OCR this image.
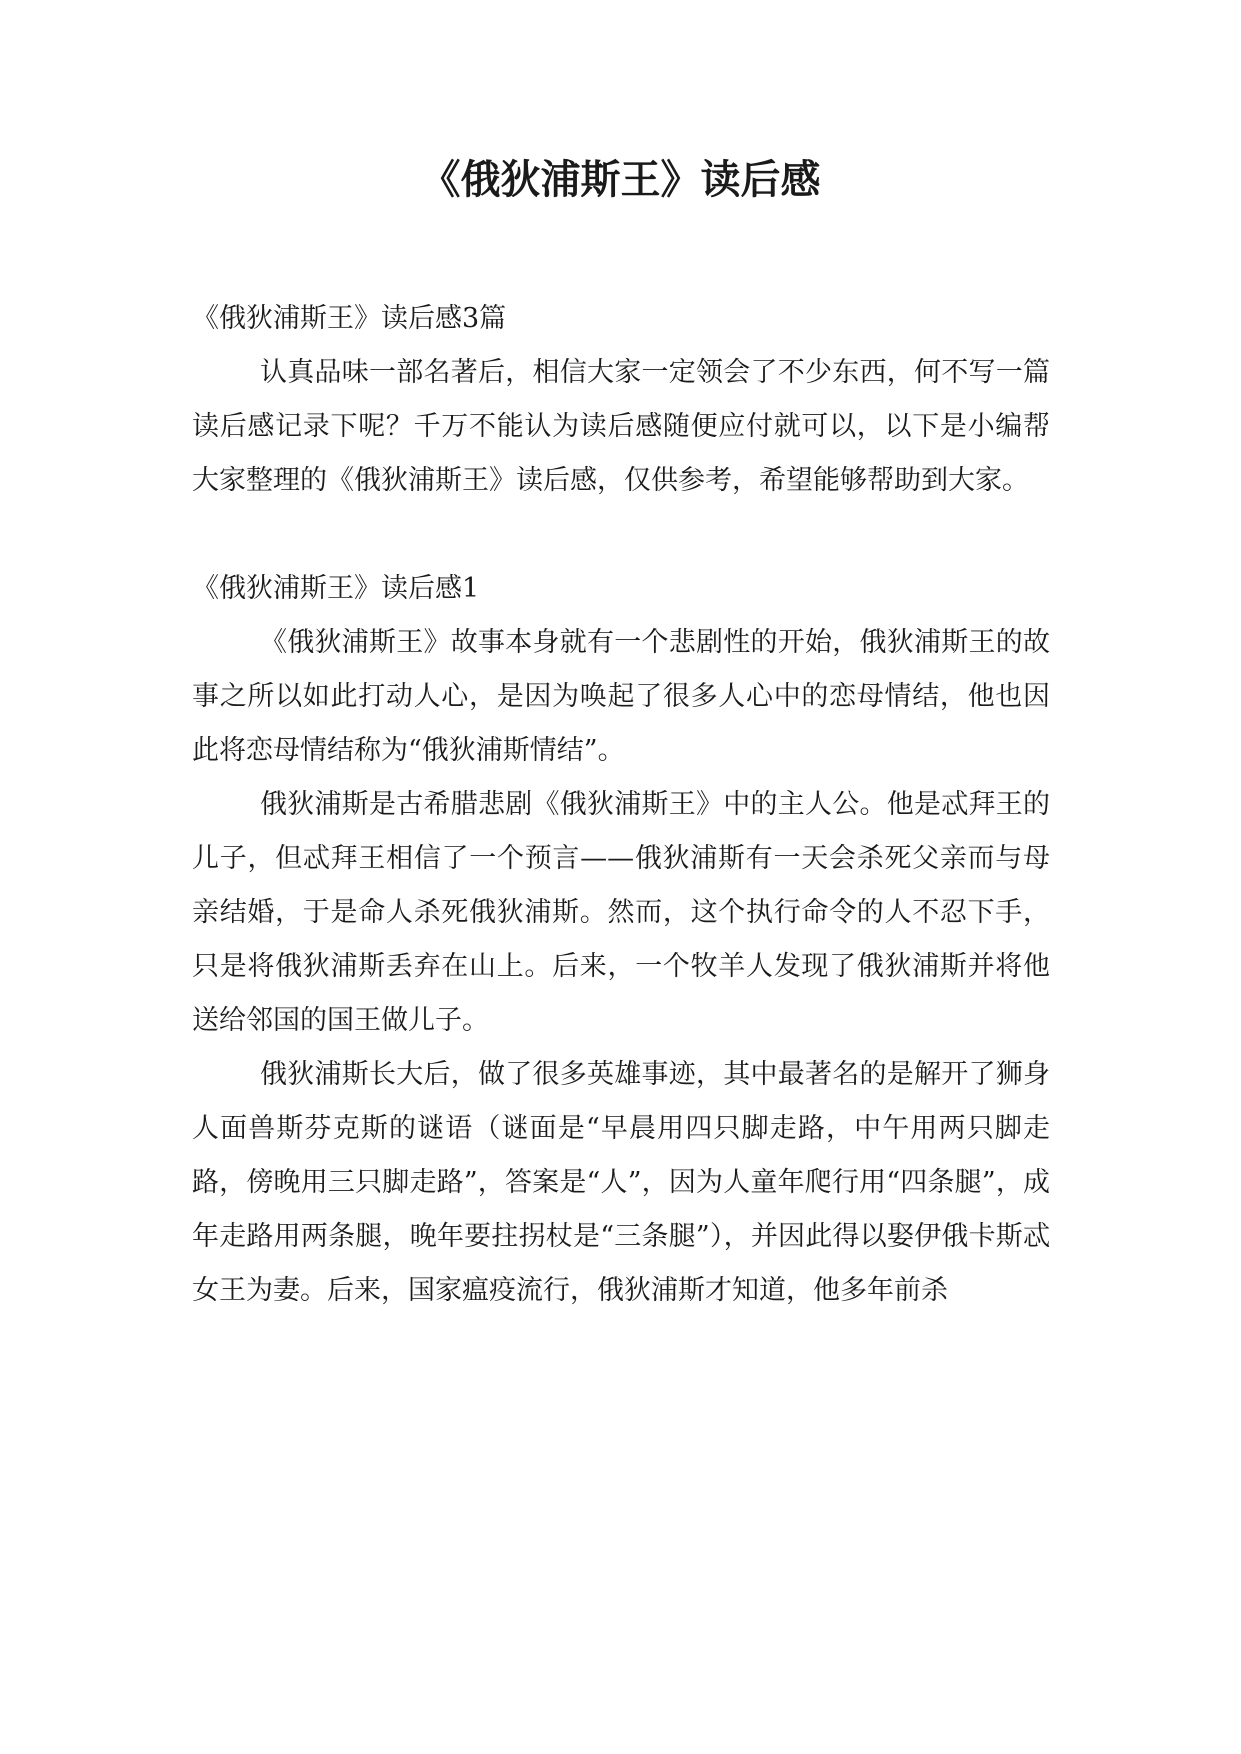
《俄狄浦斯王》读后感

《俄狄浦斯王》读后感3篇

认真品味一部名著后，相信大家一定领会了不少东西，何不写一篇读后感记录下呢？千万不能认为读后感随便应付就可以，以下是小编帮大家整理的《俄狄浦斯王》读后感，仅供参考，希望能够帮助到大家。

《俄狄浦斯王》读后感1

《俄狄浦斯王》故事本身就有一个悲剧性的开始，俄狄浦斯王的故事之所以如此打动人心，是因为唤起了很多人心中的恋母情结，他也因此将恋母情结称为“俄狄浦斯情结”。

俄狄浦斯是古希腊悲剧《俄狄浦斯王》中的主人公。他是忒拜王的儿子，但忒拜王相信了一个预言——俄狄浦斯有一天会杀死父亲而与母亲结婚，于是命人杀死俄狄浦斯。然而，这个执行命令的人不忍下手，只是将俄狄浦斯丢弃在山上。后来，一个牧羊人发现了俄狄浦斯并将他送给邻国的国王做儿子。

俄狄浦斯长大后，做了很多英雄事迹，其中最著名的是解开了狮身人面兽斯芬克斯的谜语（谜面是“早晨用四只脚走路，中午用两只脚走路，傍晚用三只脚走路”，答案是“人”，因为人童年爬行用“四条腿”，成年走路用两条腿，晚年要拄拐杖是“三条腿”），并因此得以娶伊俄卡斯忒女王为妻。后来，国家瘟疫流行，俄狄浦斯才知道，他多年前杀
